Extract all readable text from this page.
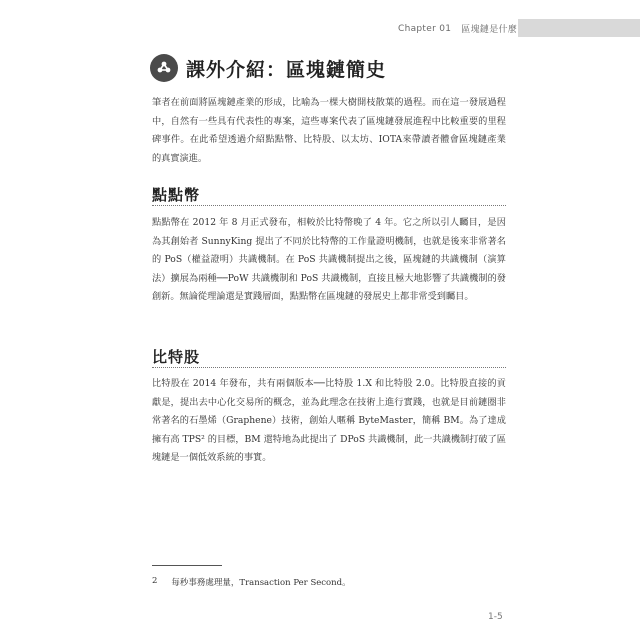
Chapter 01 區塊鏈是什麼
課外介紹：區塊鏈簡史

筆者在前面將區塊鏈產業的形成，比喻為一棵大樹開枝散葉的過程。而在這一發展過程中，自然有一些具有代表性的專案，這些專案代表了區塊鏈發展進程中比較重要的里程碑事件。在此希望透過介紹點點幣、比特股、以太坊、IOTA來帶讀者體會區塊鏈產業的真實演進。

點點幣

點點幣在 2012 年 8 月正式發布，相較於比特幣晚了 4 年。它之所以引人矚目，是因為其創始者 SunnyKing 提出了不同於比特幣的工作量證明機制，也就是後來非常著名的 PoS（權益證明）共識機制。在 PoS 共識機制提出之後，區塊鏈的共識機制（演算法）擴展為兩種──PoW 共識機制和 PoS 共識機制，直接且極大地影響了共識機制的發創新。無論從理論還是實踐層面，點點幣在區塊鏈的發展史上都非常受到矚目。

比特股

比特股在 2014 年發布，共有兩個版本──比特股 1.X 和比特股 2.0。比特股直接的貢獻是，提出去中心化交易所的概念，並為此理念在技術上進行實踐，也就是目前鏈圈非常著名的石墨烯（Graphene）技術，創始人暱稱 ByteMaster，簡稱 BM。為了達成擁有高 TPS² 的目標，BM 還特地為此提出了 DPoS 共識機制，此一共識機制打破了區塊鏈是一個低效系統的事實。

2 每秒事務處理量，Transaction Per Second。
1-5
